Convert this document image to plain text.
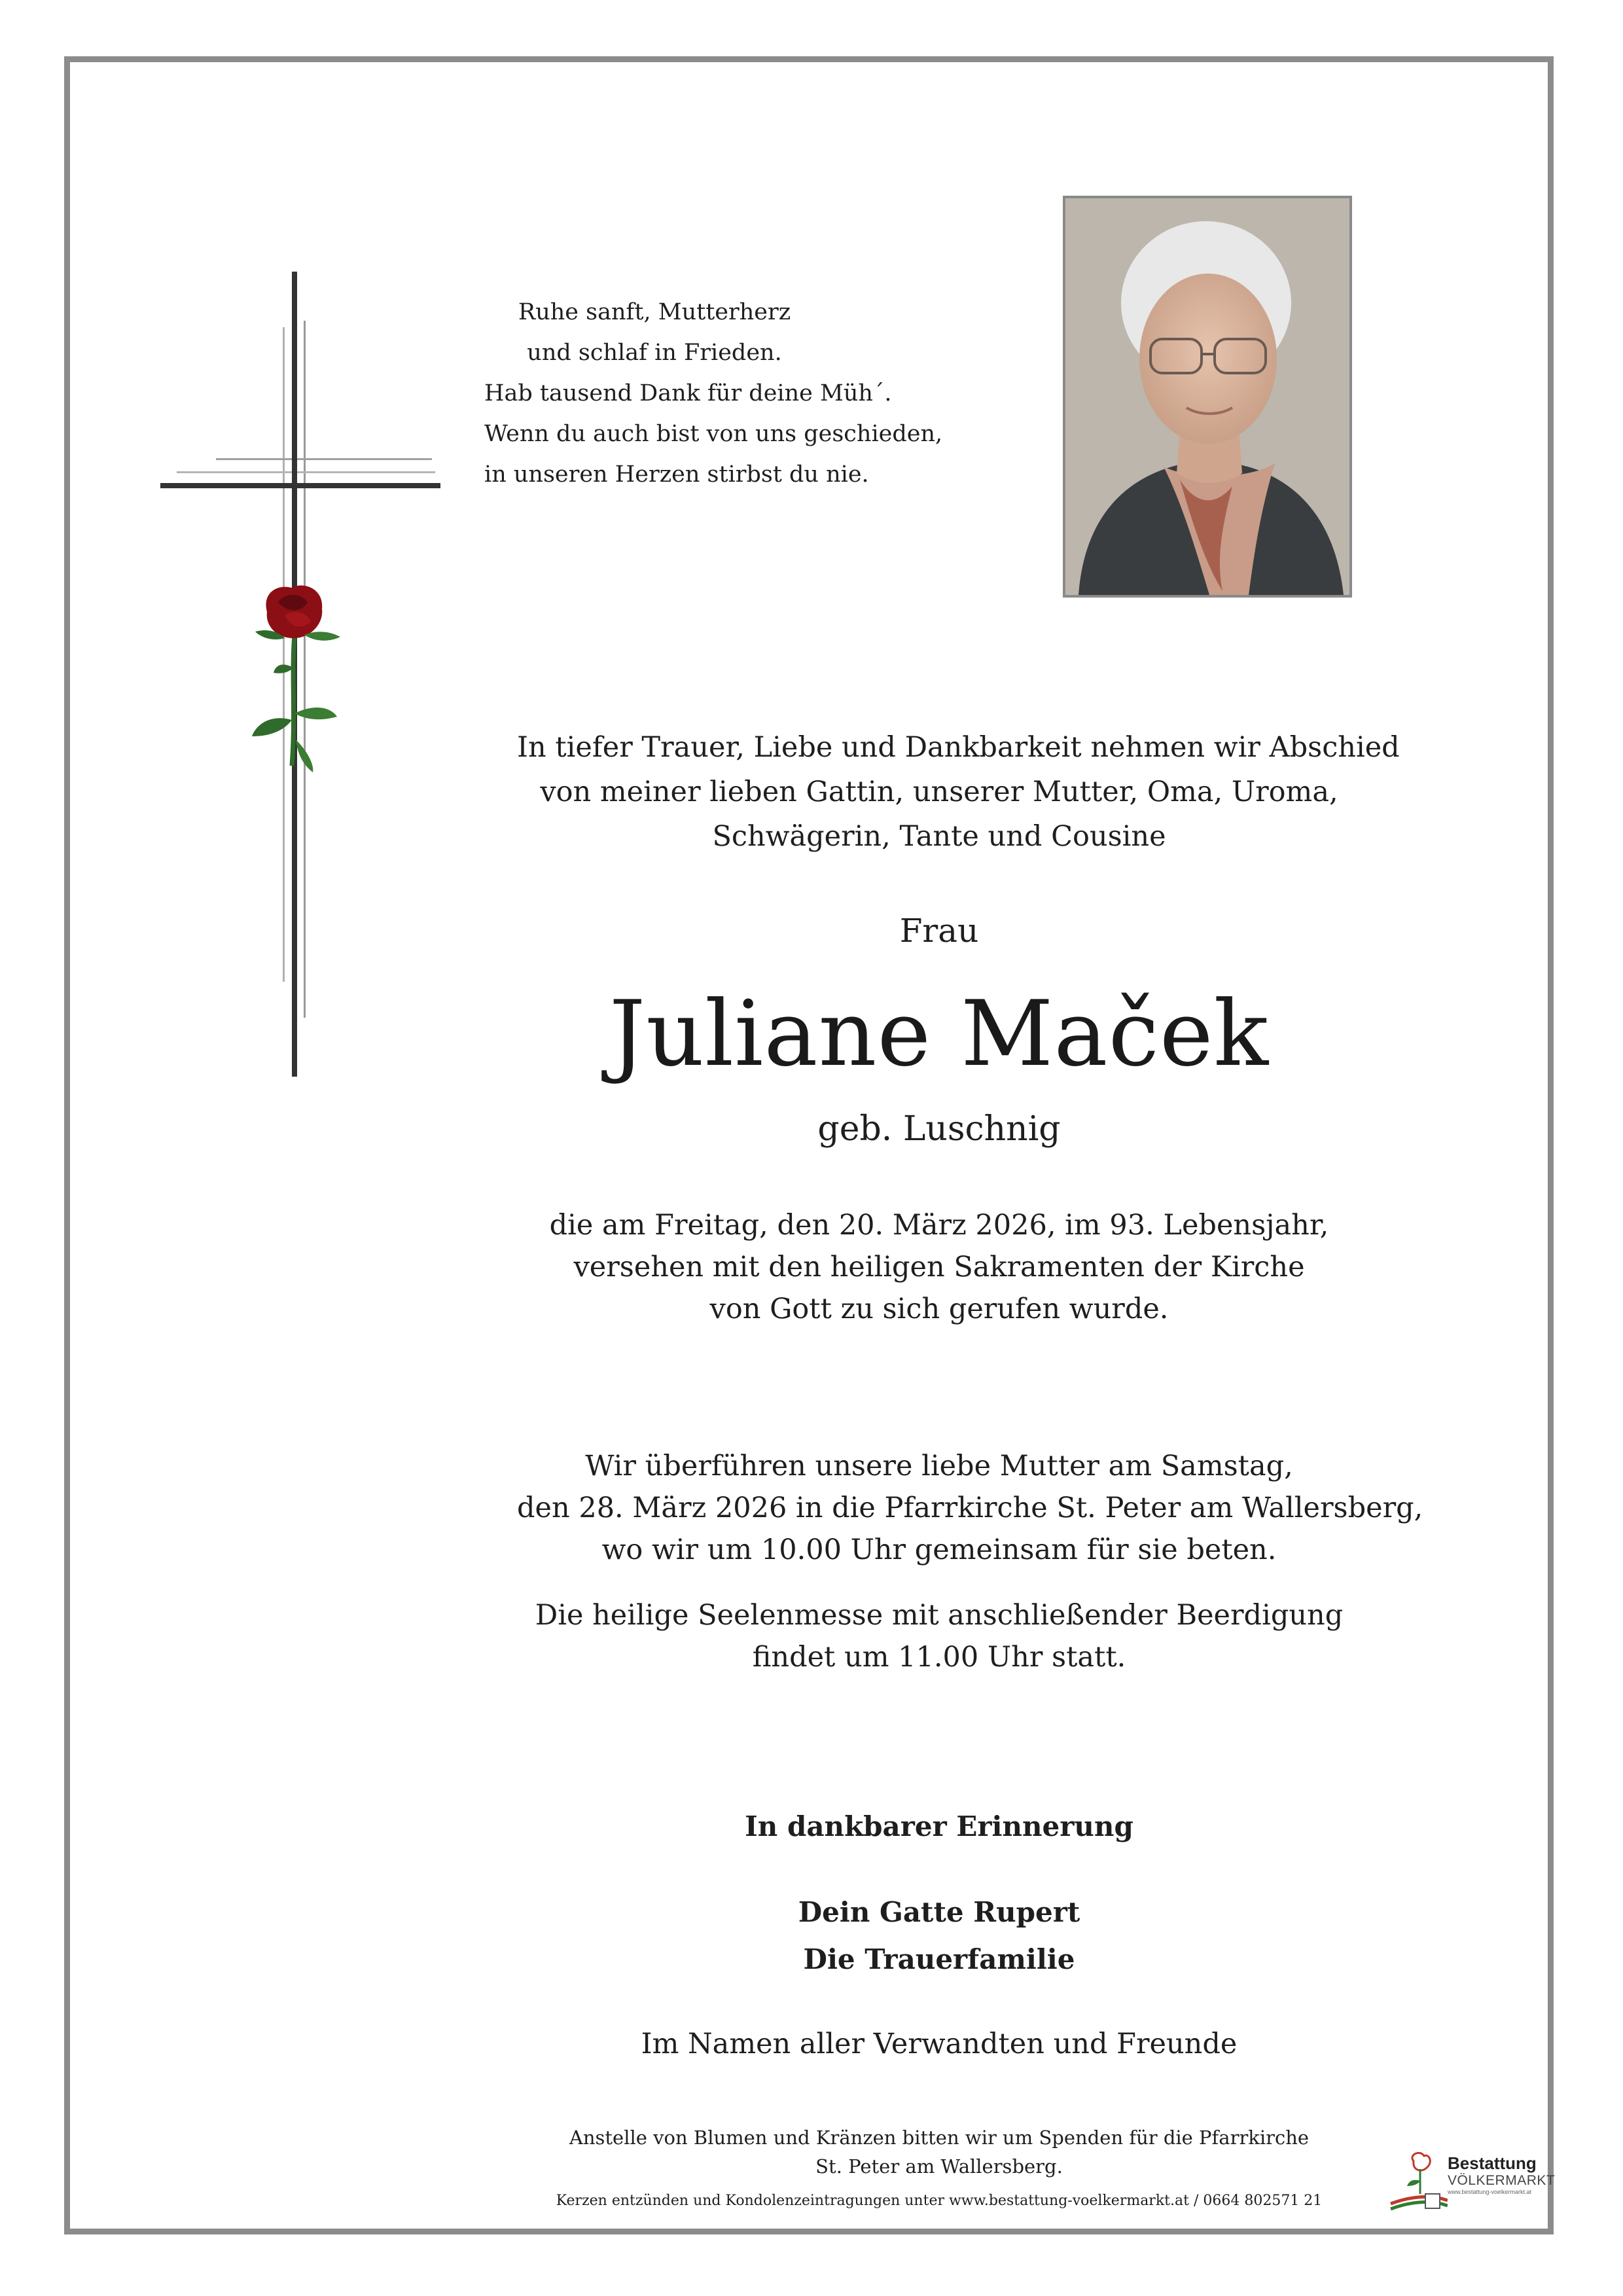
Ruhe sanft, Mutterherz
und schlaf in Frieden.
Hab tausend Dank für deine Müh´.
Wenn du auch bist von uns geschieden,
in unseren Herzen stirbst du nie.
In tiefer Trauer, Liebe und Dankbarkeit nehmen wir Abschied
von meiner lieben Gattin, unserer Mutter, Oma, Uroma,
Schwägerin, Tante und Cousine
Frau
Juliane Maček
geb. Luschnig
die am Freitag, den 20. März 2026, im 93. Lebensjahr,
versehen mit den heiligen Sakramenten der Kirche
von Gott zu sich gerufen wurde.
Wir überführen unsere liebe Mutter am Samstag,
den 28. März 2026 in die Pfarrkirche St. Peter am Wallersberg,
wo wir um 10.00 Uhr gemeinsam für sie beten.
Die heilige Seelenmesse mit anschließender Beerdigung
findet um 11.00 Uhr statt.
In dankbarer Erinnerung
Dein Gatte Rupert
Die Trauerfamilie
Im Namen aller Verwandten und Freunde
Anstelle von Blumen und Kränzen bitten wir um Spenden für die Pfarrkirche
St. Peter am Wallersberg.
Kerzen entzünden und Kondolenzeintragungen unter www.bestattung-voelkermarkt.at / 0664 802571 21
Bestattung
VÖLKERMARKT
www.bestattung-voelkermarkt.at
